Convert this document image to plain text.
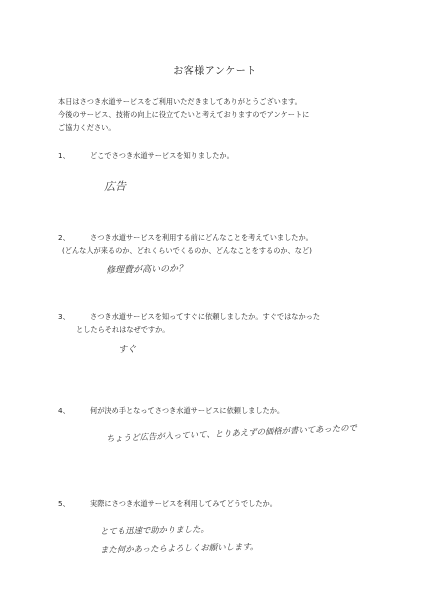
お客様アンケート
本日はさつき水道サービスをご利用いただきましてありがとうございます。
今後のサービス、技術の向上に役立てたいと考えておりますのでアンケートに
ご協力ください。
1、	どこでさつき水道サービスを知りましたか。
広告
2、	さつき水道サービスを利用する前にどんなことを考えていましたか。
(どんな人が来るのか、どれくらいでくるのか、どんなことをするのか、など)
修理費が高いのか？
3、	さつき水道サービスを知ってすぐに依頼しましたか。すぐではなかった
としたらそれはなぜですか。
すぐ
4、	何が決め手となってさつき水道サービスに依頼しましたか。
ちょうど広告が入っていて、とりあえずの価格が書いてあったので
5、	実際にさつき水道サービスを利用してみてどうでしたか。
とても迅速で助かりました。
また何かあったらよろしくお願いします。
